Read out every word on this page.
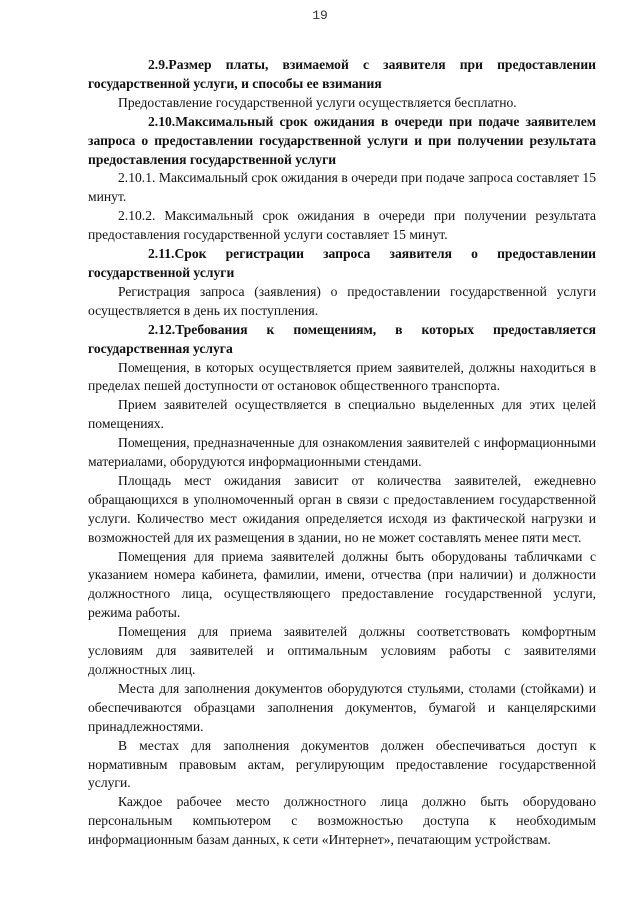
19

2.9.Размер платы, взимаемой с заявителя при предоставлении государственной услуги, и способы ее взимания

Предоставление государственной услуги осуществляется бесплатно.

2.10.Максимальный срок ожидания в очереди при подаче заявителем запроса о предоставлении государственной услуги и при получении результата предоставления государственной услуги

2.10.1. Максимальный срок ожидания в очереди при подаче запроса составляет 15 минут.

2.10.2. Максимальный срок ожидания в очереди при получении результата предоставления государственной услуги составляет 15 минут.

2.11.Срок регистрации запроса заявителя о предоставлении государственной услуги

Регистрация запроса (заявления) о предоставлении государственной услуги осуществляется в день их поступления.

2.12.Требования к помещениям, в которых предоставляется государственная услуга

Помещения, в которых осуществляется прием заявителей, должны находиться в пределах пешей доступности от остановок общественного транспорта.

Прием заявителей осуществляется в специально выделенных для этих целей помещениях.

Помещения, предназначенные для ознакомления заявителей с информационными материалами, оборудуются информационными стендами.

Площадь мест ожидания зависит от количества заявителей, ежедневно обращающихся в уполномоченный орган в связи с предоставлением государственной услуги. Количество мест ожидания определяется исходя из фактической нагрузки и возможностей для их размещения в здании, но не может составлять менее пяти мест.

Помещения для приема заявителей должны быть оборудованы табличками с указанием номера кабинета, фамилии, имени, отчества (при наличии) и должности должностного лица, осуществляющего предоставление государственной услуги, режима работы.

Помещения для приема заявителей должны соответствовать комфортным условиям для заявителей и оптимальным условиям работы с заявителями должностных лиц.

Места для заполнения документов оборудуются стульями, столами (стойками) и обеспечиваются образцами заполнения документов, бумагой и канцелярскими принадлежностями.

В местах для заполнения документов должен обеспечиваться доступ к нормативным правовым актам, регулирующим предоставление государственной услуги.

Каждое рабочее место должностного лица должно быть оборудовано персональным компьютером с возможностью доступа к необходимым информационным базам данных, к сети «Интернет», печатающим устройствам.
